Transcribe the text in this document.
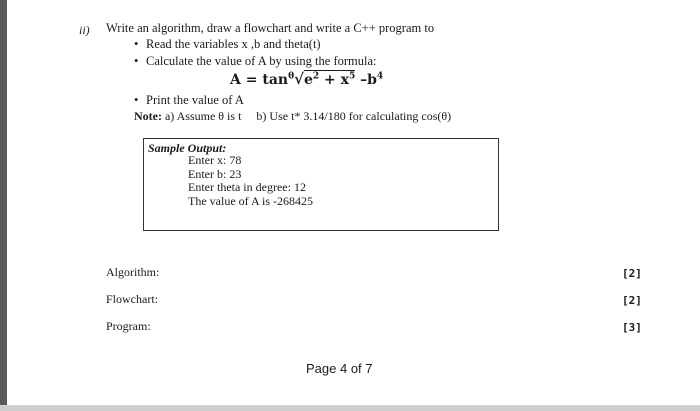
ii) Write an algorithm, draw a flowchart and write a C++ program to
• Read the variables x ,b and theta(t)
• Calculate the value of A by using the formula:
$A = \tan^\theta√e^2 + x^5$ $-b^4$
• Print the value of A
Note: a) Assume θ is t b) Use t* 3.14/180 for calculating cos(θ)
Sample Output:
Enter x: 78
Enter b: 23
Enter theta in degree: 12
The value of A is -268425
Algorithm:	[2]
Flowchart:	[2]
Program:	[3]
Page 4 of 7
